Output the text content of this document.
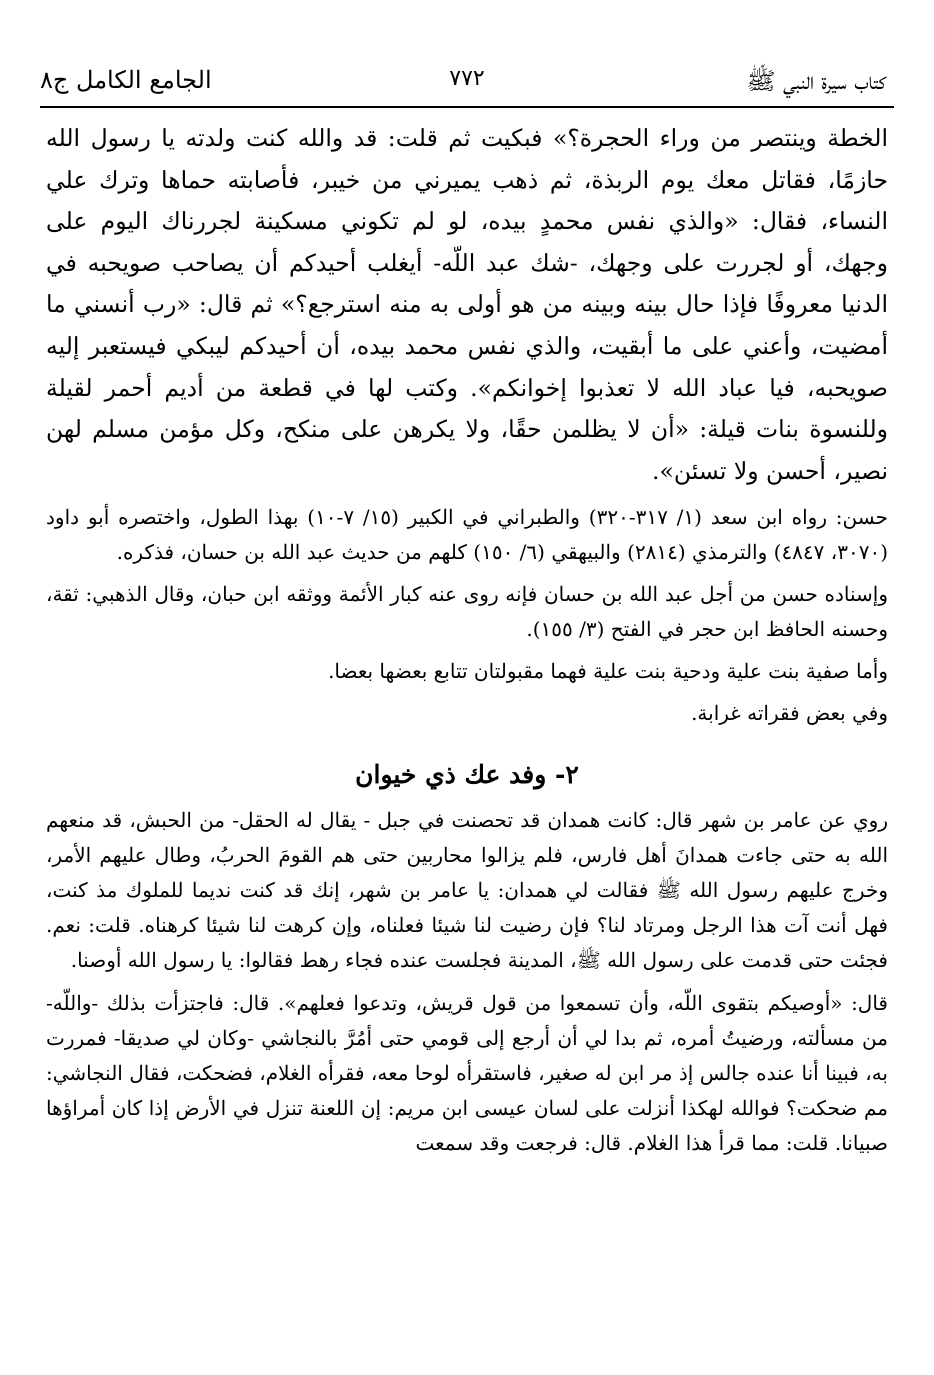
كتاب سيرة النبي ﷺ
٧٧٢
الجامع الكامل ج٨

الخطة وينتصر من وراء الحجرة؟» فبكيت ثم قلت: قد والله كنت ولدته يا رسول الله حازمًا، فقاتل معك يوم الربذة، ثم ذهب يميرني من خيبر، فأصابته حماها وترك علي النساء، فقال: «والذي نفس محمدٍ بيده، لو لم تكوني مسكينة لجررناك اليوم على وجهك، أو لجررت على وجهك، -شك عبد اللّه- أيغلب أحيدكم أن يصاحب صويحبه في الدنيا معروفًا فإذا حال بينه وبينه من هو أولى به منه استرجع؟» ثم قال: «رب أنسني ما أمضيت، وأعني على ما أبقيت، والذي نفس محمد بيده، أن أحيدكم ليبكي فيستعبر إليه صويحبه، فيا عباد الله لا تعذبوا إخوانكم». وكتب لها في قطعة من أديم أحمر لقيلة وللنسوة بنات قيلة: «أن لا يظلمن حقًا، ولا يكرهن على منكح، وكل مؤمن مسلم لهن نصير، أحسن ولا تسئن».

حسن: رواه ابن سعد (١/ ٣١٧-٣٢٠) والطبراني في الكبير (١٥/ ٧-١٠) بهذا الطول، واختصره أبو داود (٣٠٧٠، ٤٨٤٧) والترمذي (٢٨١٤) والبيهقي (٦/ ١٥٠) كلهم من حديث عبد الله بن حسان، فذكره.

وإسناده حسن من أجل عبد الله بن حسان فإنه روى عنه كبار الأئمة ووثقه ابن حبان، وقال الذهبي: ثقة، وحسنه الحافظ ابن حجر في الفتح (٣/ ١٥٥).

وأما صفية بنت علية ودحية بنت علية فهما مقبولتان تتابع بعضها بعضا.

وفي بعض فقراته غرابة.

٢- وفد عك ذي خيوان

روي عن عامر بن شهر قال: كانت همدان قد تحصنت في جبل - يقال له الحقل- من الحبش، قد منعهم الله به حتى جاءت همدانَ أهل فارس، فلم يزالوا محاربين حتى هم القومَ الحربُ، وطال عليهم الأمر، وخرج عليهم رسول الله ﷺ فقالت لي همدان: يا عامر بن شهر، إنك قد كنت نديما للملوك مذ كنت، فهل أنت آت هذا الرجل ومرتاد لنا؟ فإن رضيت لنا شيئا فعلناه، وإن كرهت لنا شيئا كرهناه. قلت: نعم. فجئت حتى قدمت على رسول الله ﷺ، المدينة فجلست عنده فجاء رهط فقالوا: يا رسول الله أوصنا.

قال: «أوصيكم بتقوى اللّه، وأن تسمعوا من قول قريش، وتدعوا فعلهم». قال: فاجتزأت بذلك -واللّه- من مسألته، ورضيتُ أمره، ثم بدا لي أن أرجع إلى قومي حتى أمُرَّ بالنجاشي -وكان لي صديقا- فمررت به، فبينا أنا عنده جالس إذ مر ابن له صغير، فاستقرأه لوحا معه، فقرأه الغلام، فضحكت، فقال النجاشي: مم ضحكت؟ فوالله لهكذا أنزلت على لسان عيسى ابن مريم: إن اللعنة تنزل في الأرض إذا كان أمراؤها صبيانا. قلت: مما قرأ هذا الغلام. قال: فرجعت وقد سمعت
